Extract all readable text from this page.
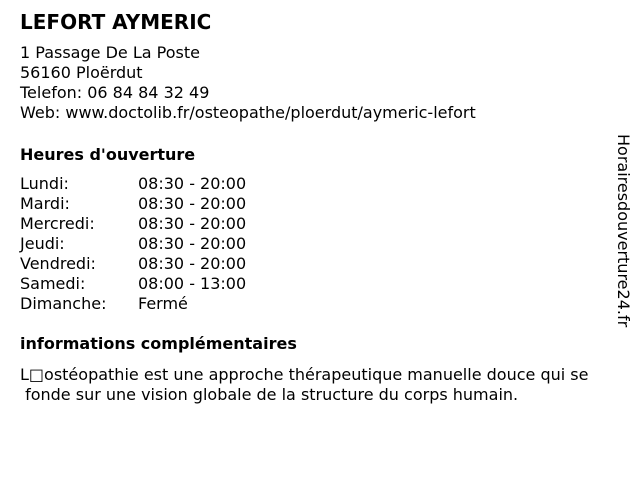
LEFORT AYMERIC
1 Passage De La Poste
56160 Ploërdut
Telefon: 06 84 84 32 49
Web: www.doctolib.fr/osteopathe/ploerdut/aymeric-lefort
Heures d'ouverture
Lundi:	08:30 - 20:00
Mardi:	08:30 - 20:00
Mercredi:	08:30 - 20:00
Jeudi:	08:30 - 20:00
Vendredi:	08:30 - 20:00
Samedi:	08:00 - 13:00
Dimanche: Fermé
informations complémentaires
L□ostéopathie est une approche thérapeutique manuelle douce qui se
fonde sur une vision globale de la structure du corps humain.
Horairesdouverture24.fr
